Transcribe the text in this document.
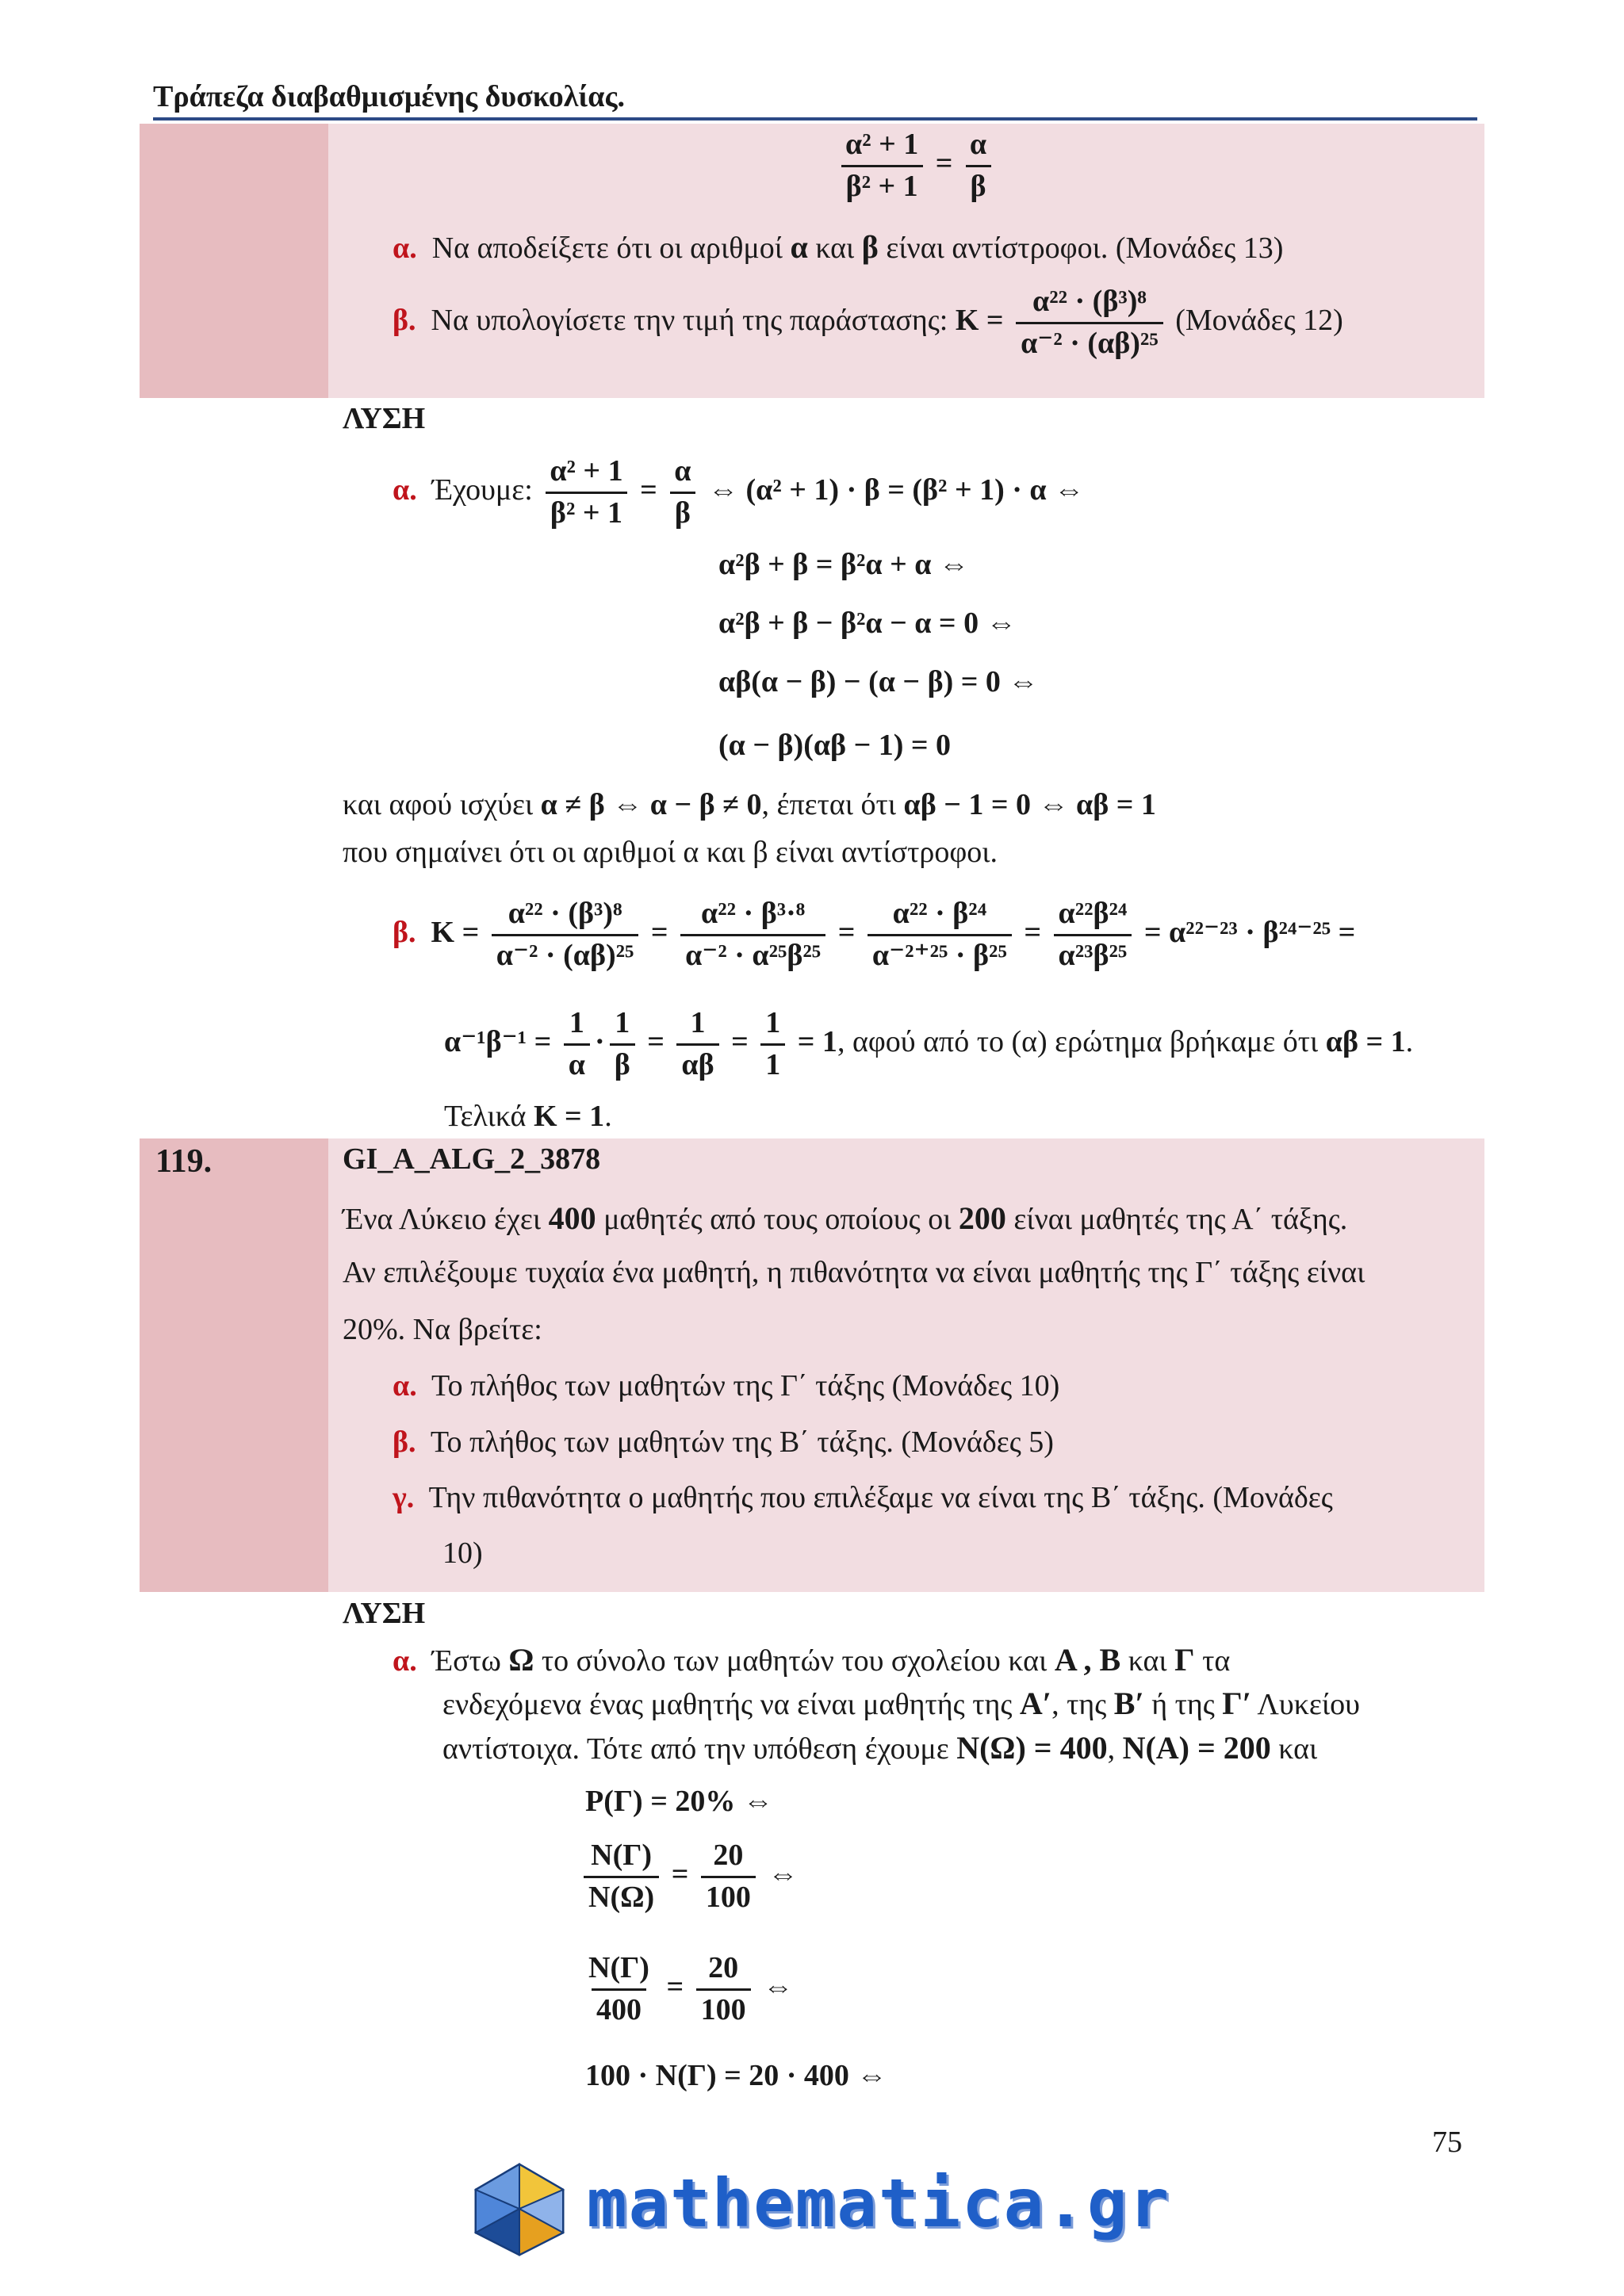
Τράπεζα διαβαθμισμένης δυσκολίας.
$\frac{\text{α² + 1}}{\text{β² + 1}} = \frac{\alpha}{\beta}$
α. Να αποδείξετε ότι οι αριθμοί α και β είναι αντίστροφοι. (Μονάδες 13)
β. Να υπολογίσετε την τιμή της παράστασης: $K = \frac{\text{α²² · (β³)⁸}}{\text{α⁻² · (αβ)²⁵}} (Mo\nu ά\delta\varepsilon\varsigma$ 12)
ΛΥΣΗ
α. Έχουμε: $\frac{\text{α² + 1}}{\text{β² + 1}} = \frac{\alpha}{\beta}$ ⇔ (α² + 1) · β = (β² + 1) · α ⇔
α²β + β = β²α + α ⇔
α²β + β − β²α − α = 0 ⇔
αβ(α − β) − (α − β) = 0 ⇔
(α − β)(αβ − 1) = 0
και αφού ισχύει α ≠ β ⇔ α − β ≠ 0, έπεται ότι αβ − 1 = 0 ⇔ αβ = 1
που σημαίνει ότι οι αριθμοί α και β είναι αντίστροφοι.
β. $K = \frac{\text{α²² · (β³)⁸}}{\text{α⁻² · (αβ)²⁵}} = \frac{\text{α²² · β³·⁸}}{\text{α⁻² · α²⁵β²⁵}} = \frac{\text{α²² · β²⁴}}{\text{α⁻²⁺²⁵ · β²⁵}} = \frac{\text{α²²β²⁴}}{\text{α²³β²⁵}} = \alpha^{22-23} \cdot \beta^{24-25}$ =
$\alpha^{-1}\beta^{-1} = \frac{1}{\alpha} \cdot \frac{1}{\beta} = \frac{1}{\alpha\beta} = \frac{1}{1} = 1$, αφού από το (α) ερώτημα βρήκαμε ότι αβ = 1.
Τελικά K = 1.
119.	GI_A_ALG_2_3878
Ένα Λύκειο έχει 400 μαθητές από τους οποίους οι 200 είναι μαθητές της Α΄ τάξης.
Αν επιλέξουμε τυχαία ένα μαθητή, η πιθανότητα να είναι μαθητής της Γ΄ τάξης είναι
20%. Να βρείτε:
α. Το πλήθος των μαθητών της Γ΄ τάξης (Μονάδες 10)
β. Το πλήθος των μαθητών της Β΄ τάξης. (Μονάδες 5)
γ. Την πιθανότητα ο μαθητής που επιλέξαμε να είναι της Β΄ τάξης. (Μονάδες
10)
ΛΥΣΗ
α. Έστω Ω το σύνολο των μαθητών του σχολείου και Α , Β και Γ τα
ενδεχόμενα ένας μαθητής να είναι μαθητής της Α′, της Β′ ή της Γ′ Λυκείου
αντίστοιχα. Τότε από την υπόθεση έχουμε N(Ω) = 400, N(A) = 200 και
P(Γ) = 20% ⇔
$\frac{N(\Gamma)}{N(\Omega)} = \frac{20}{100}$ ⇔
$\frac{N(\Gamma)}{400} = \frac{20}{100}$ ⇔
100 · N(Γ) = 20 · 400 ⇔
75
mathematica.gr
